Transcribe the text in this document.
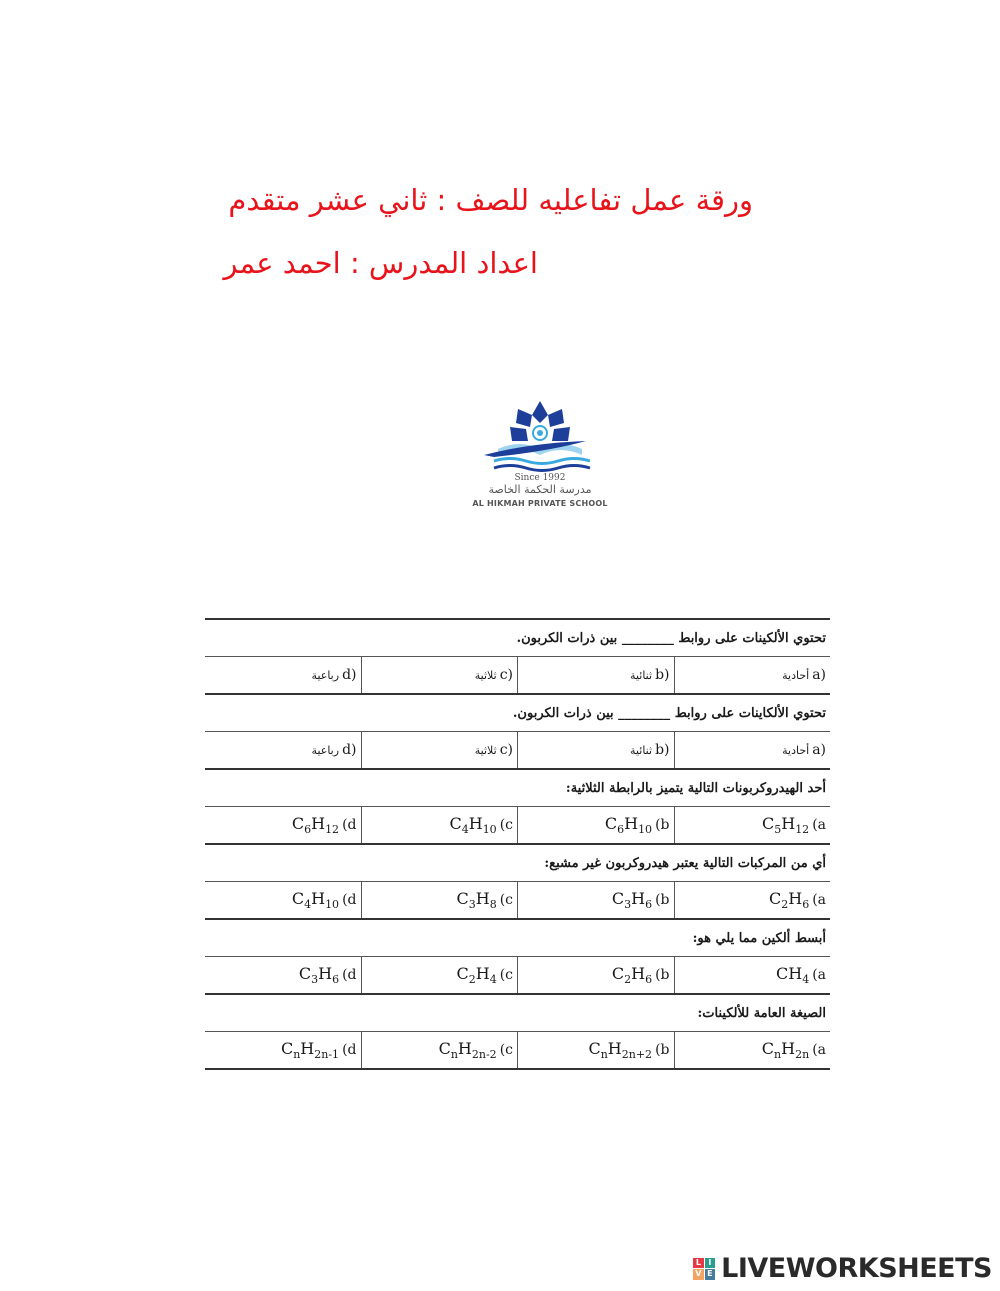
ورقة عمل تفاعليه للصف : ثاني عشر متقدم
اعداد المدرس : احمد عمر
Since 1992
مدرسة الحكمة الخاصة
AL HIKMAH PRIVATE SCHOOL
تحتوي الألكينات على روابط ________ بين ذرات الكربون.
أحادية a)
ثنائية b)
ثلاثية c)
رباعية d)
تحتوي الألكاينات على روابط ________ بين ذرات الكربون.
أحادية a)
ثنائية b)
ثلاثية c)
رباعية d)
أحد الهيدروكربونات التالية يتميز بالرابطة الثلاثية:
$C_5H_{12}$ (a
$C_6H_{10}$ (b
$C_4H_{10}$ (c
$C_6H_{12}$ (d
أي من المركبات التالية يعتبر هيدروكربون غير مشبع:
$C_2H_6$ (a
$C_3H_6$ (b
$C_3H_8$ (c
$C_4H_{10}$ (d
أبسط ألكين مما يلي هو:
$CH_4$ (a
$C_2H_6$ (b
$C_2H_4$ (c
$C_3H_6$ (d
الصيغة العامة للألكينات:
$C_nH_{2n}$ (a
$C_nH_{2n+2}$ (b
$C_nH_{2n-2}$ (c
$C_nH_{2n-1}$ (d
L I
V E LIVEWORKSHEETS
